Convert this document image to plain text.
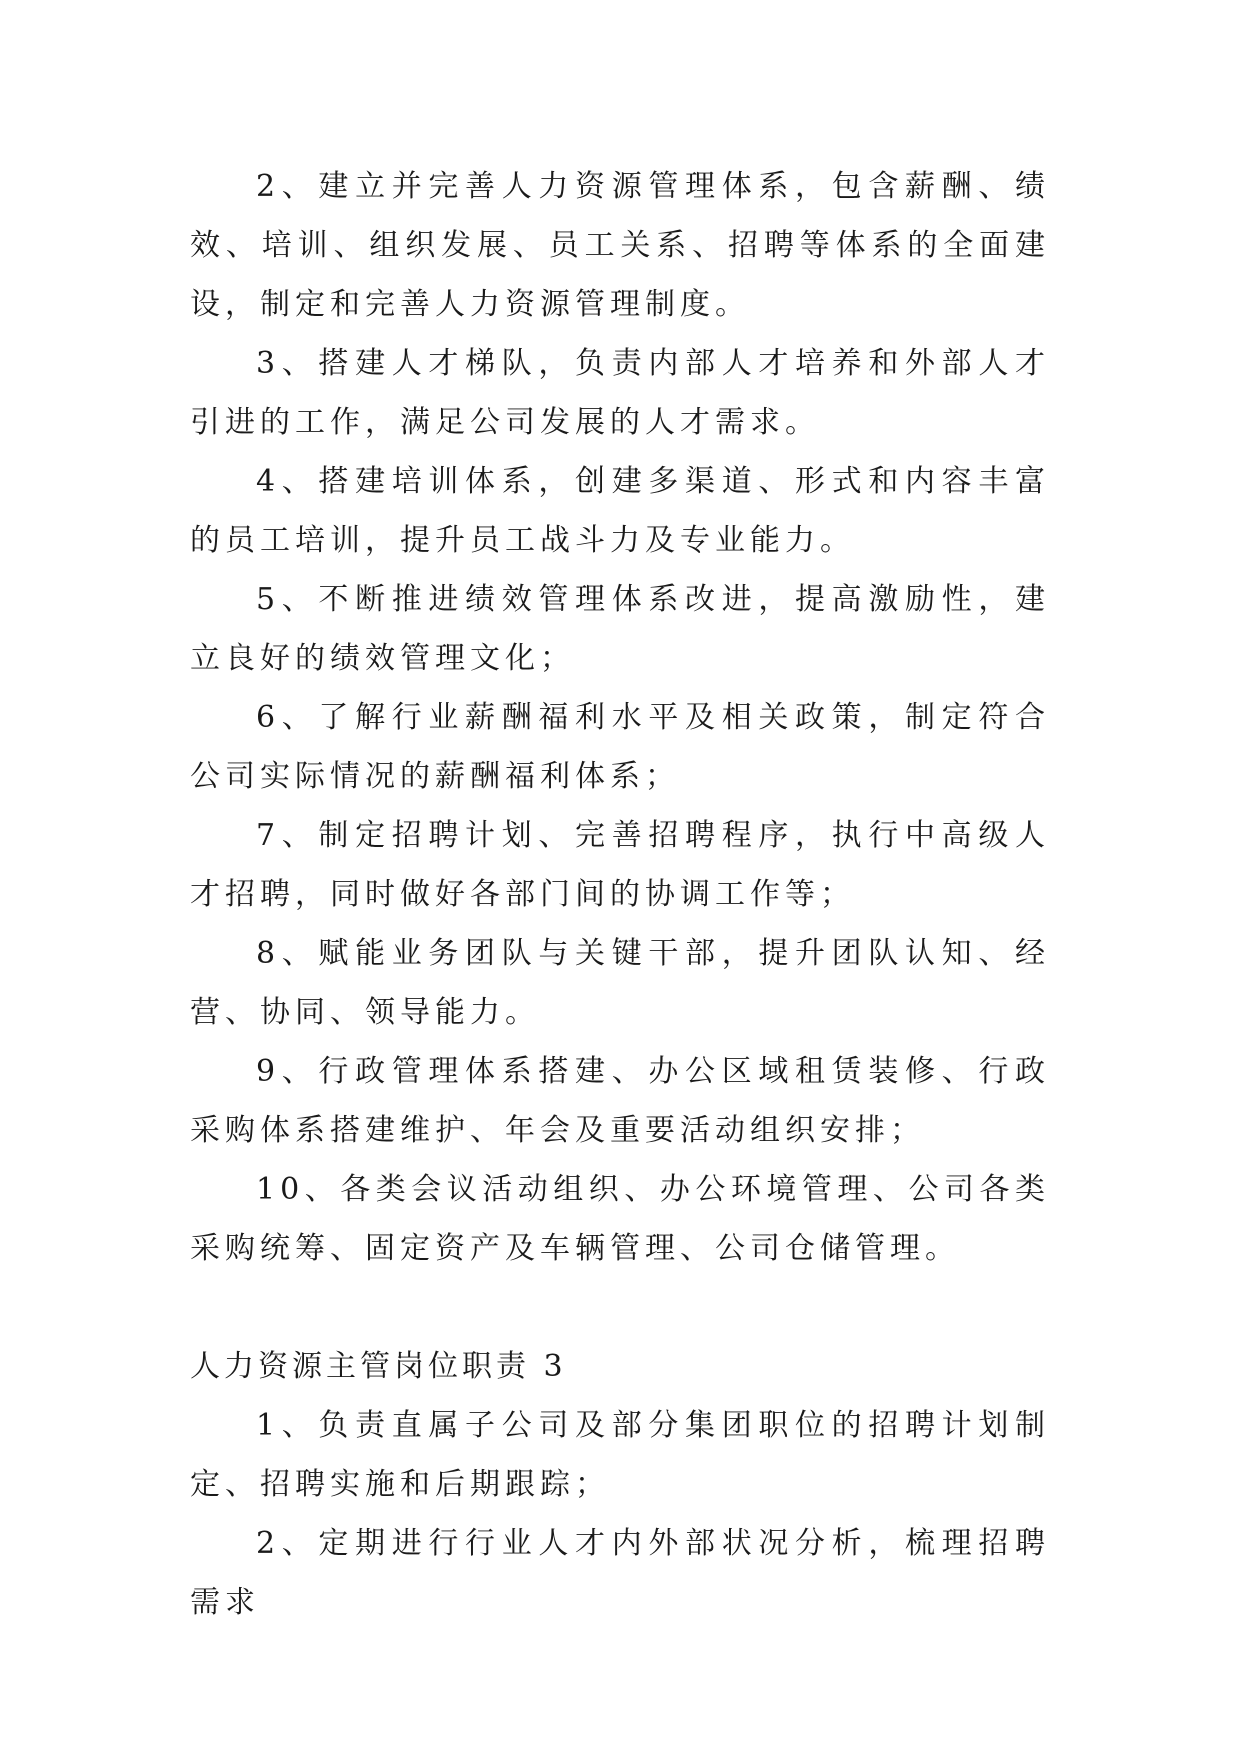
2、建立并完善人力资源管理体系，包含薪酬、绩效、培训、组织发展、员工关系、招聘等体系的全面建设，制定和完善人力资源管理制度。

3、搭建人才梯队，负责内部人才培养和外部人才引进的工作，满足公司发展的人才需求。

4、搭建培训体系，创建多渠道、形式和内容丰富的员工培训，提升员工战斗力及专业能力。

5、不断推进绩效管理体系改进，提高激励性，建立良好的绩效管理文化；

6、了解行业薪酬福利水平及相关政策，制定符合公司实际情况的薪酬福利体系；

7、制定招聘计划、完善招聘程序，执行中高级人才招聘，同时做好各部门间的协调工作等；

8、赋能业务团队与关键干部，提升团队认知、经营、协同、领导能力。

9、行政管理体系搭建、办公区域租赁装修、行政采购体系搭建维护、年会及重要活动组织安排；

10、各类会议活动组织、办公环境管理、公司各类采购统筹、固定资产及车辆管理、公司仓储管理。

人力资源主管岗位职责 3

1、负责直属子公司及部分集团职位的招聘计划制定、招聘实施和后期跟踪；

2、定期进行行业人才内外部状况分析，梳理招聘需求
